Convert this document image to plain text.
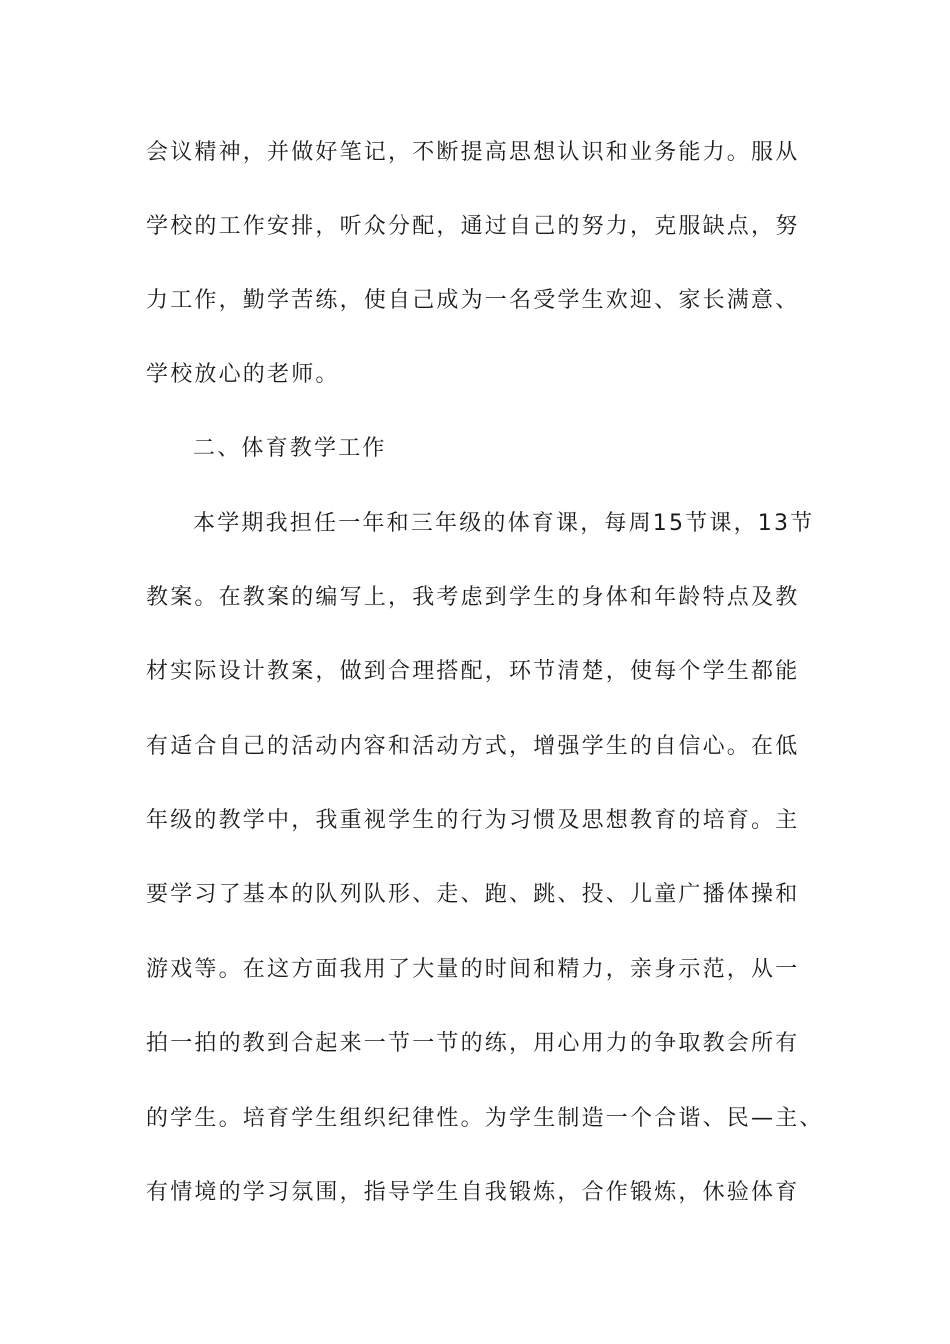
会议精神，并做好笔记，不断提高思想认识和业务能力。服从
学校的工作安排，听众分配，通过自己的努力，克服缺点，努
力工作，勤学苦练，使自己成为一名受学生欢迎、家长满意、
学校放心的老师。
二、体育教学工作
本学期我担任一年和三年级的体育课，每周15节课，13节
教案。在教案的编写上，我考虑到学生的身体和年龄特点及教
材实际设计教案，做到合理搭配，环节清楚，使每个学生都能
有适合自己的活动内容和活动方式，增强学生的自信心。在低
年级的教学中，我重视学生的行为习惯及思想教育的培育。主
要学习了基本的队列队形、走、跑、跳、投、儿童广播体操和
游戏等。在这方面我用了大量的时间和精力，亲身示范，从一
拍一拍的教到合起来一节一节的练，用心用力的争取教会所有
的学生。培育学生组织纪律性。为学生制造一个合谐、民—主、
有情境的学习氛围，指导学生自我锻炼，合作锻炼，休验体育
